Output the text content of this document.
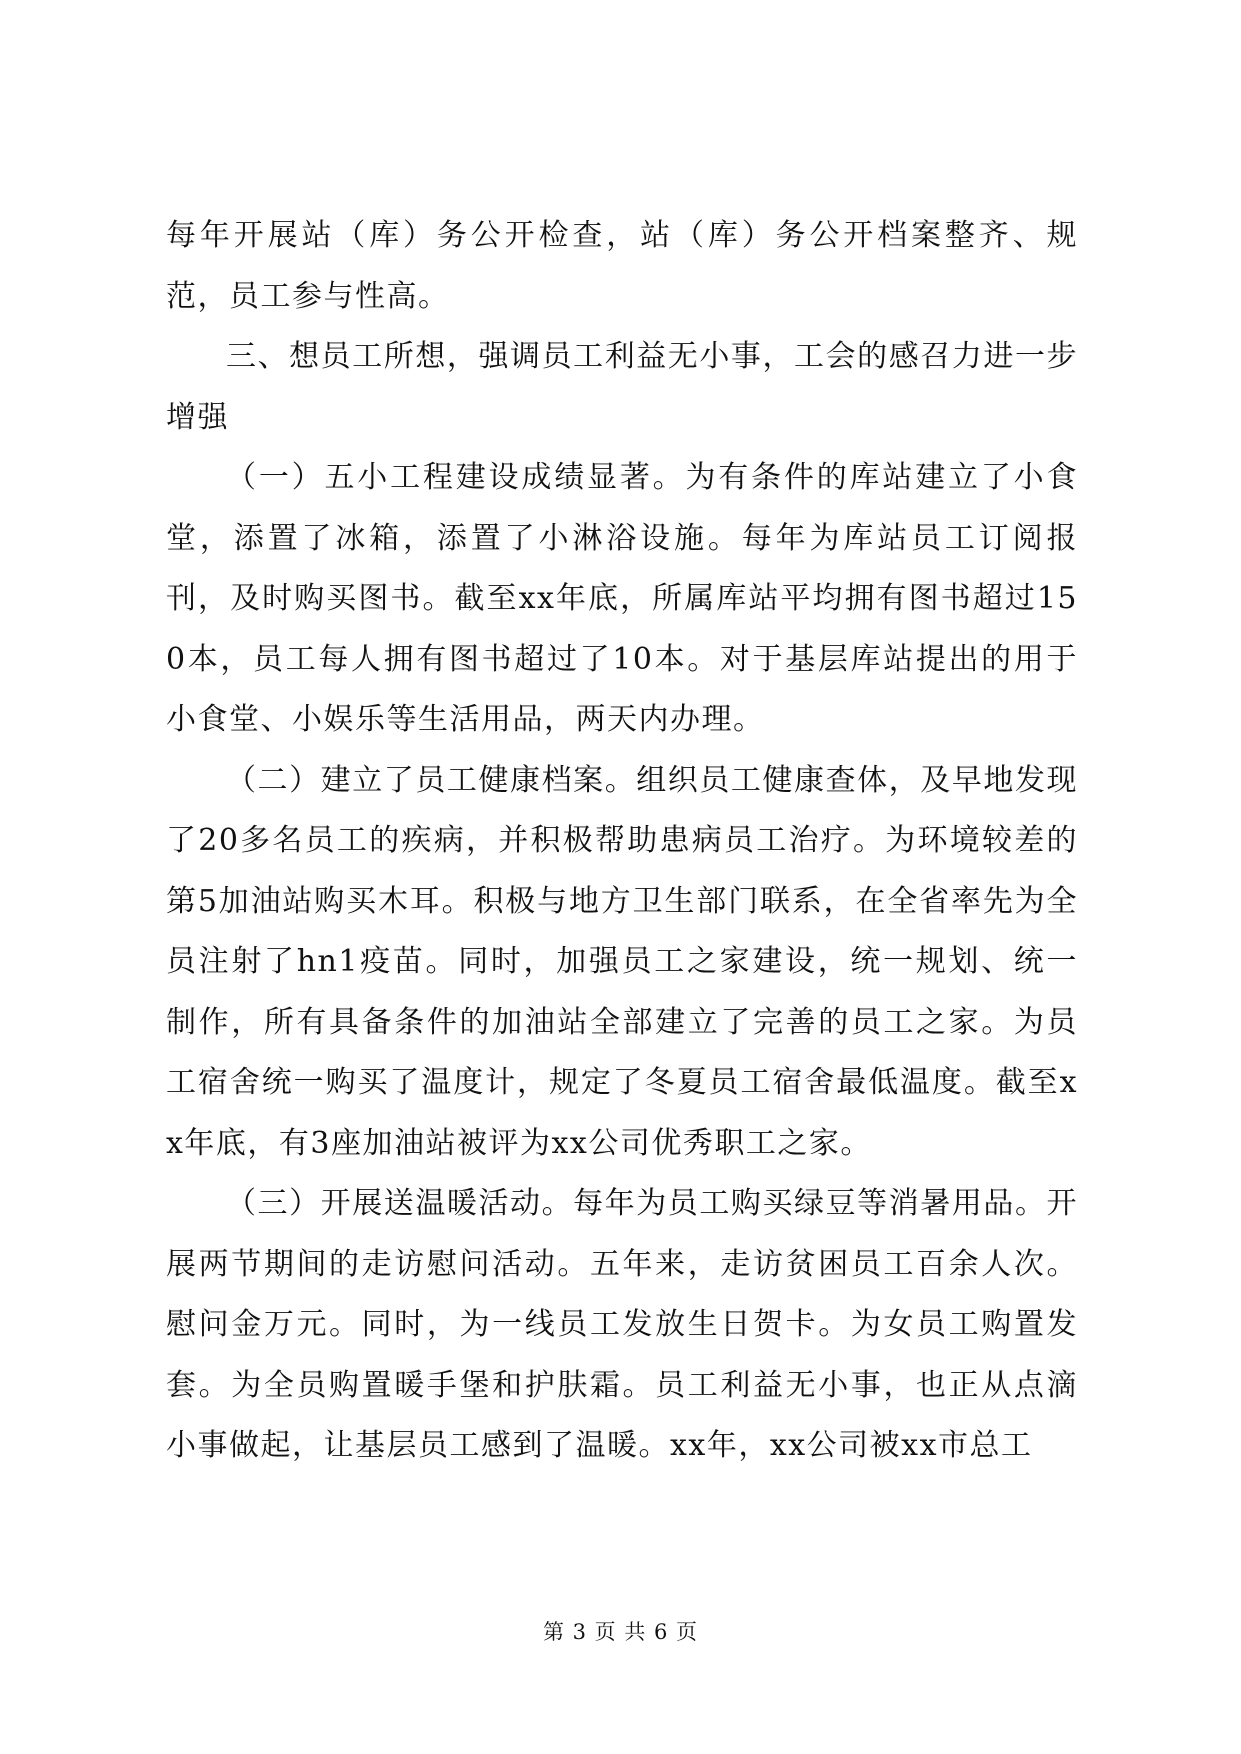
每年开展站（库）务公开检查，站（库）务公开档案整齐、规范，员工参与性高。

三、想员工所想，强调员工利益无小事，工会的感召力进一步增强

（一）五小工程建设成绩显著。为有条件的库站建立了小食堂，添置了冰箱，添置了小淋浴设施。每年为库站员工订阅报刊，及时购买图书。截至xx年底，所属库站平均拥有图书超过150本，员工每人拥有图书超过了10本。对于基层库站提出的用于小食堂、小娱乐等生活用品，两天内办理。

（二）建立了员工健康档案。组织员工健康查体，及早地发现了20多名员工的疾病，并积极帮助患病员工治疗。为环境较差的第5加油站购买木耳。积极与地方卫生部门联系，在全省率先为全员注射了hn1疫苗。同时，加强员工之家建设，统一规划、统一制作，所有具备条件的加油站全部建立了完善的员工之家。为员工宿舍统一购买了温度计，规定了冬夏员工宿舍最低温度。截至xx年底，有3座加油站被评为xx公司优秀职工之家。

（三）开展送温暖活动。每年为员工购买绿豆等消暑用品。开展两节期间的走访慰问活动。五年来，走访贫困员工百余人次。慰问金万元。同时，为一线员工发放生日贺卡。为女员工购置发套。为全员购置暖手堡和护肤霜。员工利益无小事，也正从点滴小事做起，让基层员工感到了温暖。xx年，xx公司被xx市总工

第 3 页 共 6 页
